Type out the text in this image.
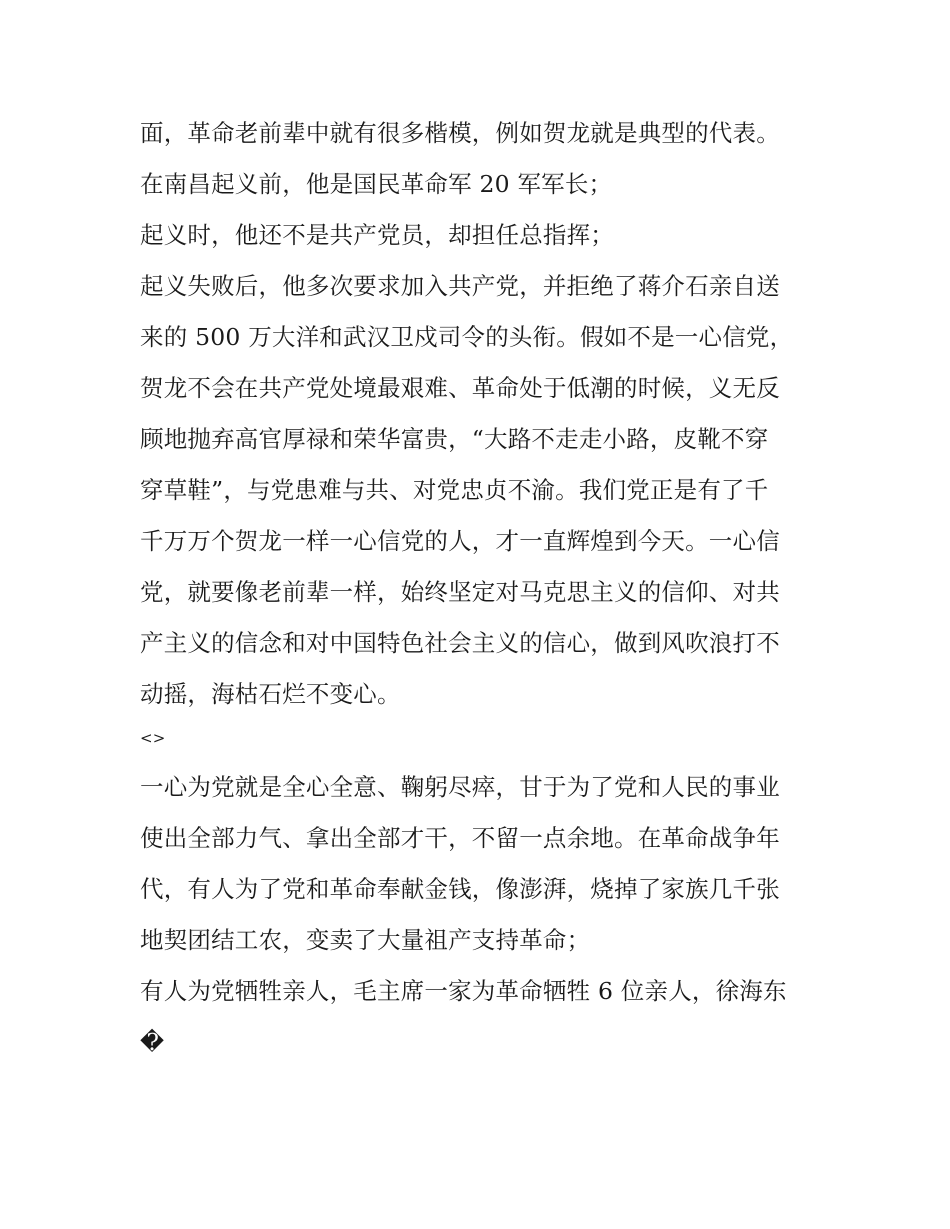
面，革命老前辈中就有很多楷模，例如贺龙就是典型的代表。
在南昌起义前，他是国民革命军 20 军军长；
起义时，他还不是共产党员，却担任总指挥；
起义失败后，他多次要求加入共产党，并拒绝了蒋介石亲自送
来的 500 万大洋和武汉卫戍司令的头衔。假如不是一心信党，
贺龙不会在共产党处境最艰难、革命处于低潮的时候，义无反
顾地抛弃高官厚禄和荣华富贵，“大路不走走小路，皮靴不穿
穿草鞋”，与党患难与共、对党忠贞不渝。我们党正是有了千
千万万个贺龙一样一心信党的人，才一直辉煌到今天。一心信
党，就要像老前辈一样，始终坚定对马克思主义的信仰、对共
产主义的信念和对中国特色社会主义的信心，做到风吹浪打不
动摇，海枯石烂不变心。
<>
一心为党就是全心全意、鞠躬尽瘁，甘于为了党和人民的事业
使出全部力气、拿出全部才干，不留一点余地。在革命战争年
代，有人为了党和革命奉献金钱，像澎湃，烧掉了家族几千张
地契团结工农，变卖了大量祖产支持革命；
有人为党牺牲亲人，毛主席一家为革命牺牲 6 位亲人，徐海东
�
